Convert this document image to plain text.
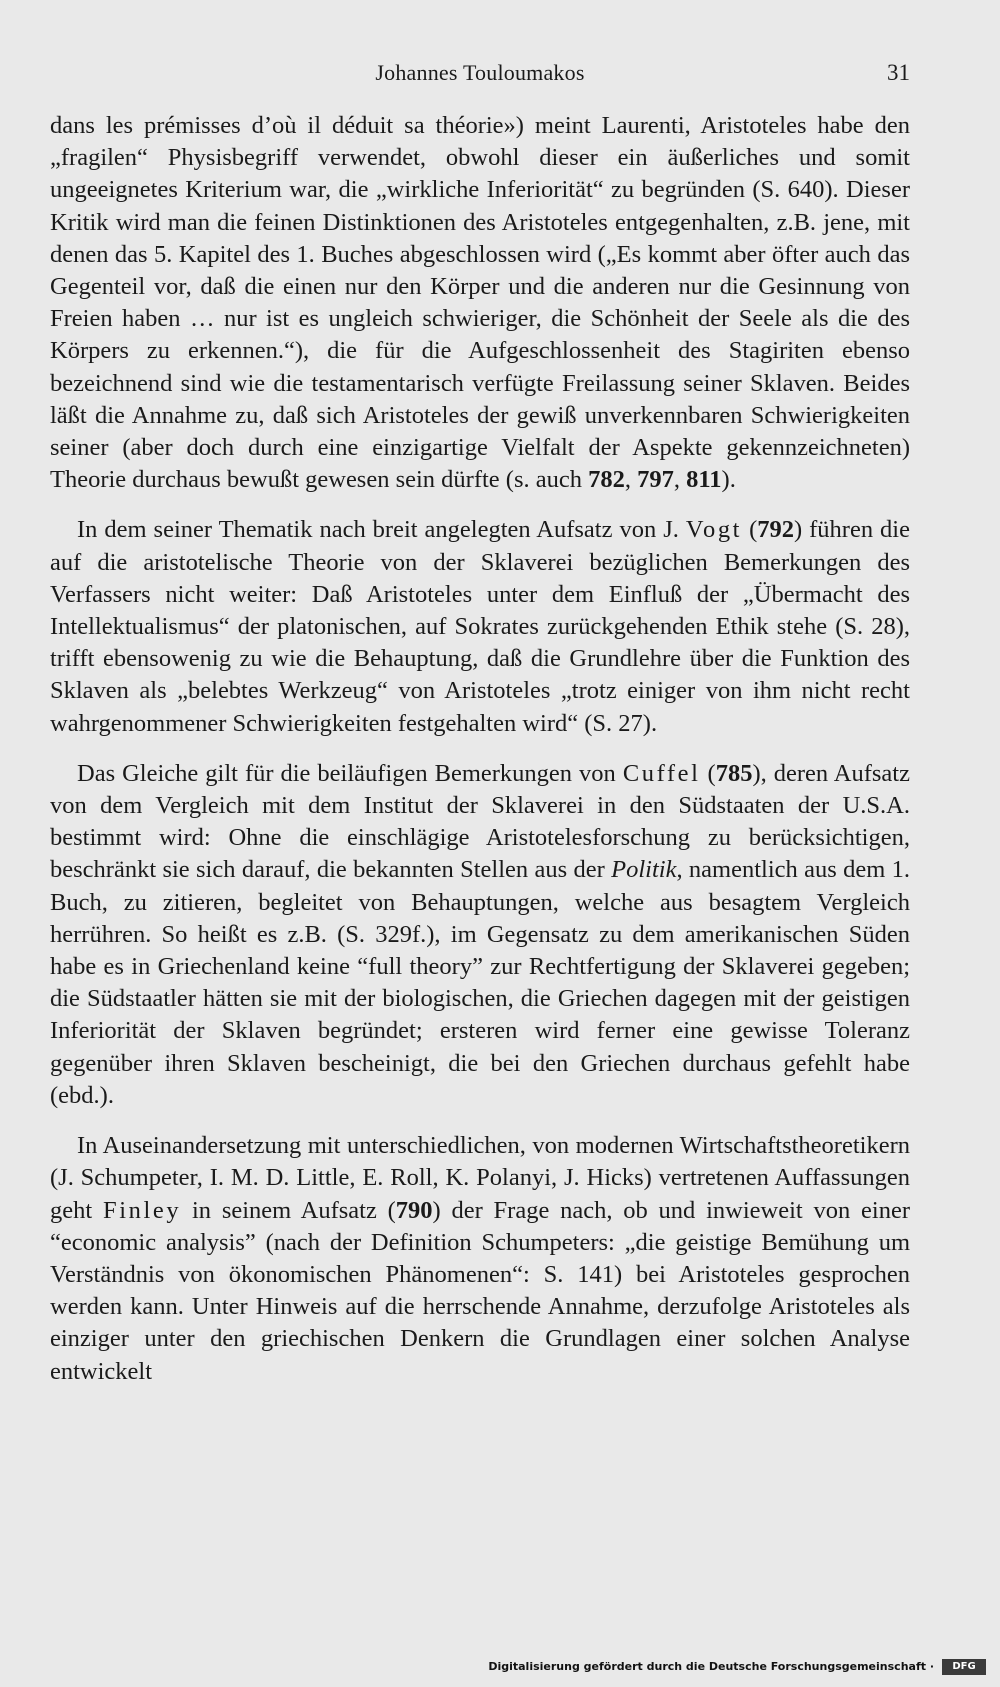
Johannes Touloumakos	31

dans les prémisses d’où il déduit sa théorie») meint Laurenti, Aristoteles habe den „fragilen“ Physisbegriff verwendet, obwohl dieser ein äußerliches und somit ungeeignetes Kriterium war, die „wirkliche Inferiorität“ zu begründen (S. 640). Dieser Kritik wird man die feinen Distinktionen des Aristoteles entgegenhalten, z.B. jene, mit denen das 5. Kapitel des 1. Buches abgeschlossen wird („Es kommt aber öfter auch das Gegenteil vor, daß die einen nur den Körper und die anderen nur die Gesinnung von Freien haben … nur ist es ungleich schwieriger, die Schönheit der Seele als die des Körpers zu erkennen.“), die für die Aufgeschlossenheit des Stagiriten ebenso bezeichnend sind wie die testamentarisch verfügte Freilassung seiner Sklaven. Beides läßt die Annahme zu, daß sich Aristoteles der gewiß unverkennbaren Schwierigkeiten seiner (aber doch durch eine einzigartige Vielfalt der Aspekte gekennzeichneten) Theorie durchaus bewußt gewesen sein dürfte (s. auch 782, 797, 811).

In dem seiner Thematik nach breit angelegten Aufsatz von J. Vogt (792) führen die auf die aristotelische Theorie von der Sklaverei bezüglichen Bemerkungen des Verfassers nicht weiter: Daß Aristoteles unter dem Einfluß der „Übermacht des Intellektualismus“ der platonischen, auf Sokrates zurückgehenden Ethik stehe (S. 28), trifft ebensowenig zu wie die Behauptung, daß die Grundlehre über die Funktion des Sklaven als „belebtes Werkzeug“ von Aristoteles „trotz einiger von ihm nicht recht wahrgenommener Schwierigkeiten festgehalten wird“ (S. 27).

Das Gleiche gilt für die beiläufigen Bemerkungen von Cuffel (785), deren Aufsatz von dem Vergleich mit dem Institut der Sklaverei in den Südstaaten der U.S.A. bestimmt wird: Ohne die einschlägige Aristotelesforschung zu berücksichtigen, beschränkt sie sich darauf, die bekannten Stellen aus der Politik, namentlich aus dem 1. Buch, zu zitieren, begleitet von Behauptungen, welche aus besagtem Vergleich herrühren. So heißt es z.B. (S. 329f.), im Gegensatz zu dem amerikanischen Süden habe es in Griechenland keine “full theory” zur Rechtfertigung der Sklaverei gegeben; die Südstaatler hätten sie mit der biologischen, die Griechen dagegen mit der geistigen Inferiorität der Sklaven begründet; ersteren wird ferner eine gewisse Toleranz gegenüber ihren Sklaven bescheinigt, die bei den Griechen durchaus gefehlt habe (ebd.).

In Auseinandersetzung mit unterschiedlichen, von modernen Wirtschaftstheoretikern (J. Schumpeter, I. M. D. Little, E. Roll, K. Polanyi, J. Hicks) vertretenen Auffassungen geht Finley in seinem Aufsatz (790) der Frage nach, ob und inwieweit von einer “economic analysis” (nach der Definition Schumpeters: „die geistige Bemühung um Verständnis von ökonomischen Phänomenen“: S. 141) bei Aristoteles gesprochen werden kann. Unter Hinweis auf die herrschende Annahme, derzufolge Aristoteles als einziger unter den griechischen Denkern die Grundlagen einer solchen Analyse entwickelt

Digitalisierung gefördert durch die Deutsche Forschungsgemeinschaft ·	DFG
